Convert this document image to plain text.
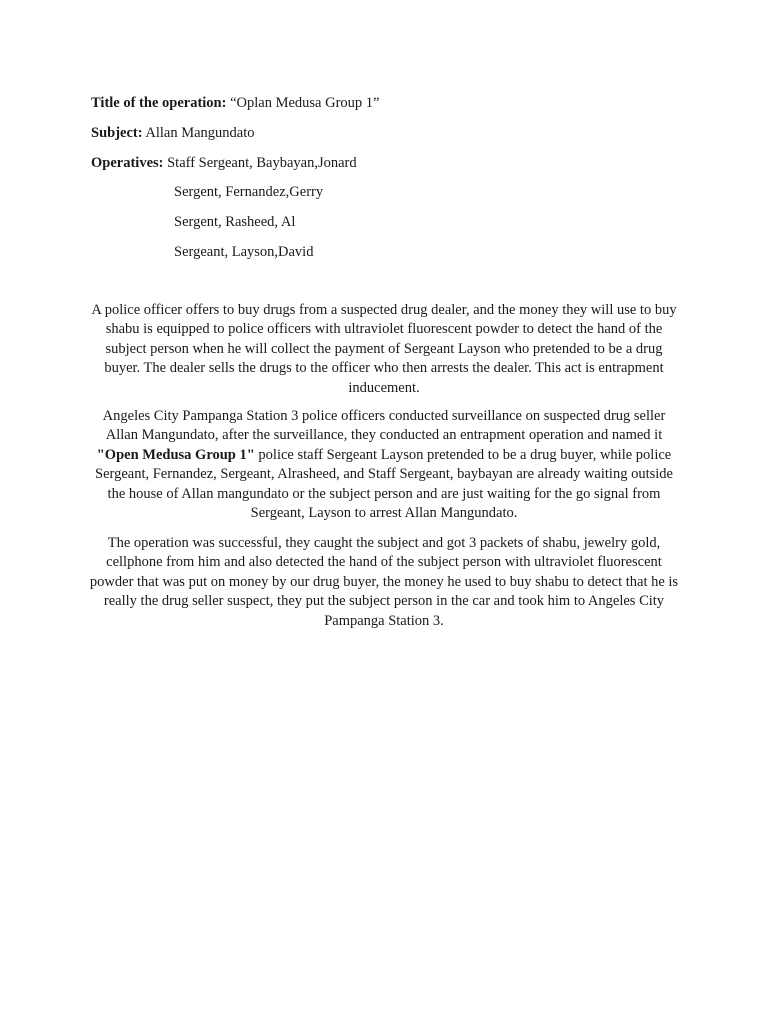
Title of the operation: “Oplan Medusa Group 1”
Subject: Allan Mangundato
Operatives: Staff Sergeant, Baybayan,Jonard
Sergent, Fernandez,Gerry
Sergent, Rasheed, Al
Sergeant, Layson,David

A police officer offers to buy drugs from a suspected drug dealer, and the money they will use to buy shabu is equipped to police officers with ultraviolet fluorescent powder to detect the hand of the subject person when he will collect the payment of Sergeant Layson who pretended to be a drug buyer. The dealer sells the drugs to the officer who then arrests the dealer. This act is entrapment inducement.

Angeles City Pampanga Station 3 police officers conducted surveillance on suspected drug seller Allan Mangundato, after the surveillance, they conducted an entrapment operation and named it "Open Medusa Group 1" police staff Sergeant Layson pretended to be a drug buyer, while police Sergeant, Fernandez, Sergeant, Alrasheed, and Staff Sergeant, baybayan are already waiting outside the house of Allan mangundato or the subject person and are just waiting for the go signal from Sergeant, Layson to arrest Allan Mangundato.

The operation was successful, they caught the subject and got 3 packets of shabu, jewelry gold, cellphone from him and also detected the hand of the subject person with ultraviolet fluorescent powder that was put on money by our drug buyer, the money he used to buy shabu to detect that he is really the drug seller suspect, they put the subject person in the car and took him to Angeles City Pampanga Station 3.
